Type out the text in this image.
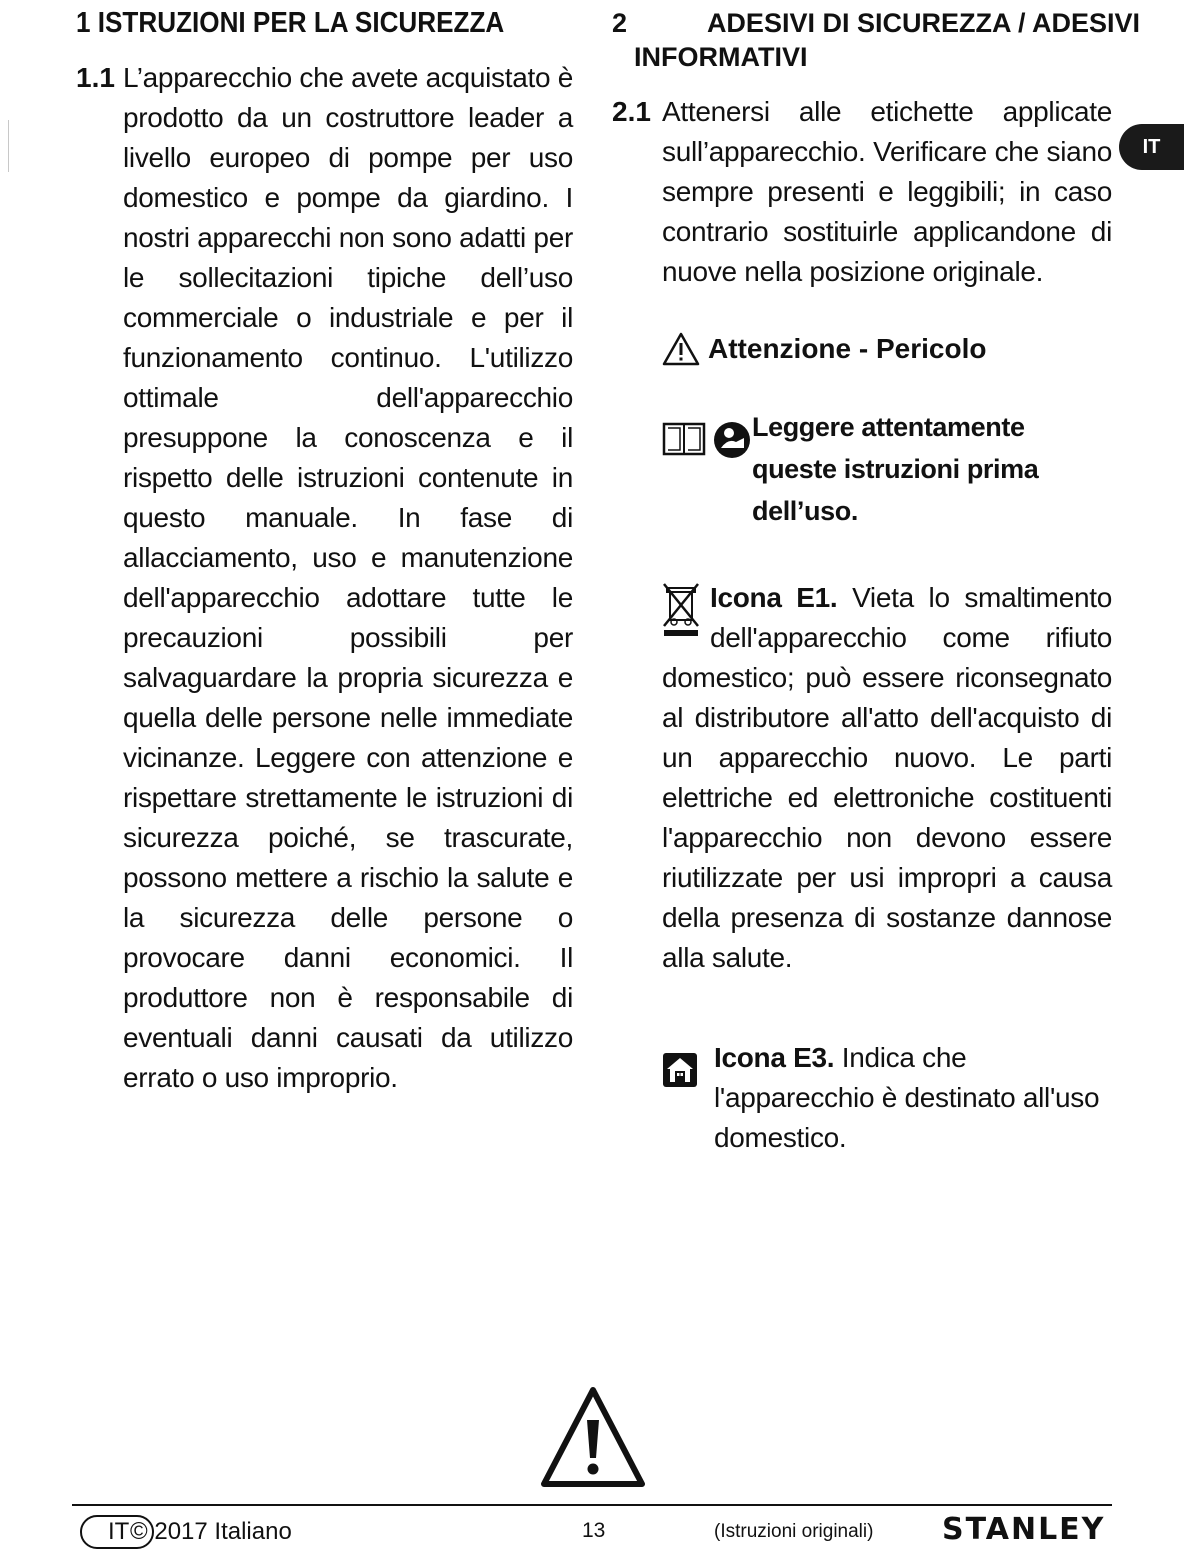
1 ISTRUZIONI PER LA SICUREZZA
1.1 L’apparecchio che avete acquistato è prodotto da un costruttore leader a livello europeo di pompe per uso domestico e pompe da giardino. I nostri apparecchi non sono adatti per le sollecitazioni tipiche dell’uso commerciale o industriale e per il funzionamento continuo. L'utilizzo ottimale dell'apparecchio presuppone la conoscenza e il rispetto delle istruzioni contenute in questo manuale. In fase di allacciamento, uso e manutenzione dell'apparecchio adottare tutte le precauzioni possibili per salvaguardare la propria sicurezza e quella delle persone nelle immediate vicinanze. Leggere con attenzione e rispettare strettamente le istruzioni di sicurezza poiché, se trascurate, possono mettere a rischio la salute e la sicurezza delle persone o provocare danni economici. Il produttore non è responsabile di eventuali danni causati da utilizzo errato o uso improprio.
2	ADESIVI DI SICUREZZA / ADESIVI
INFORMATIVI
2.1 Attenersi alle etichette applicate sull’apparecchio. Verificare che siano sempre presenti e leggibili; in caso contrario sostituirle applicandone di nuove nella posizione originale.
Attenzione - Pericolo
Leggere attentamente queste istruzioni prima dell’uso.
Icona E1. Vieta lo smaltimento dell'apparecchio come rifiuto domestico; può essere riconsegnato al distributore all'atto dell'acquisto di un apparecchio nuovo. Le parti elettriche ed elettroniche costituenti l'apparecchio non devono essere riutilizzate per usi impropri a causa della presenza di sostanze dannose alla salute.
Icona E3. Indica che l'apparecchio è destinato all'uso domestico.
IT
IT © 2017 Italiano	13	(Istruzioni originali) STANLEY
